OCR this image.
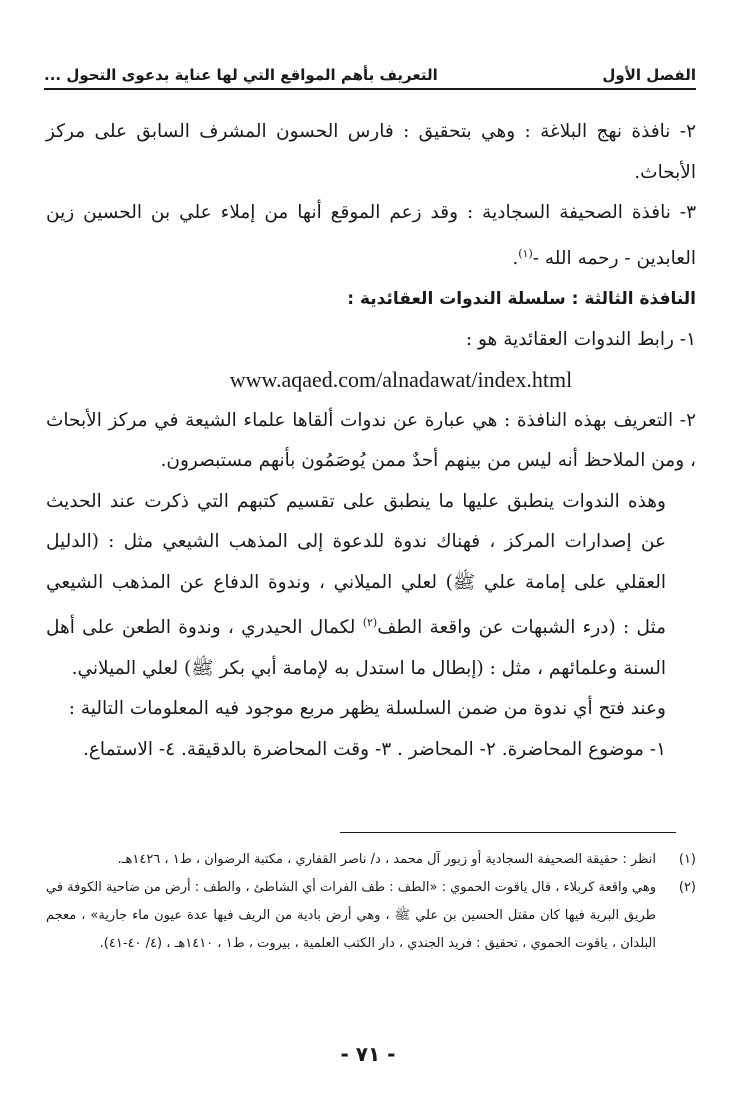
الفصل الأول
التعريف بأهم المواقع التي لها عناية بدعوى التحول ...

٢- نافذة نهج البلاغة : وهي بتحقيق : فارس الحسون المشرف السابق على مركز الأبحاث.

٣- نافذة الصحيفة السجادية : وقد زعم الموقع أنها من إملاء علي بن الحسين زين العابدين - رحمه الله -$^{(١)}$.

النافذة الثالثة : سلسلة الندوات العقائدية :

١- رابط الندوات العقائدية هو :

www.aqaed.com/alnadawat/index.html

٢- التعريف بهذه النافذة : هي عبارة عن ندوات ألقاها علماء الشيعة في مركز الأبحاث ، ومن الملاحظ أنه ليس من بينهم أحدٌ ممن يُوصَمُون بأنهم مستبصرون.

وهذه الندوات ينطبق عليها ما ينطبق على تقسيم كتبهم التي ذكرت عند الحديث عن إصدارات المركز ، فهناك ندوة للدعوة إلى المذهب الشيعي مثل : (الدليل العقلي على إمامة علي ﷺ) لعلي الميلاني ، وندوة الدفاع عن المذهب الشيعي مثل : (درء الشبهات عن واقعة الطف$^{(٢)}$ لكمال الحيدري ، وندوة الطعن على أهل السنة وعلمائهم ، مثل : (إبطال ما استدل به لإمامة أبي بكر ﷺ) لعلي الميلاني.

وعند فتح أي ندوة من ضمن السلسلة يظهر مربع موجود فيه المعلومات التالية :

١- موضوع المحاضرة. ٢- المحاضر . ٣- وقت المحاضرة بالدقيقة. ٤- الاستماع.

(١)
انظر : حقيقة الصحيفة السجادية أو زبور آل محمد ، د/ ناصر القفاري ، مكتبة الرضوان ، ط١ ، ١٤٢٦هـ.
(٢)
وهي واقعة كربلاء ، قال ياقوت الحموي : «الطف : طف الفرات أي الشاطئ ، والطف : أرض من ضاحية الكوفة في طريق البرية فيها كان مقتل الحسين بن علي ﷺ ، وهي أرض بادية من الريف فيها عدة عيون ماء جارية» ، معجم البلدان ، ياقوت الحموي ، تحقيق : فريد الجندي ، دار الكتب العلمية ، بيروت ، ط١ ، ١٤١٠هـ ، (٤/ ٤٠-٤١).
- ٧١ -
